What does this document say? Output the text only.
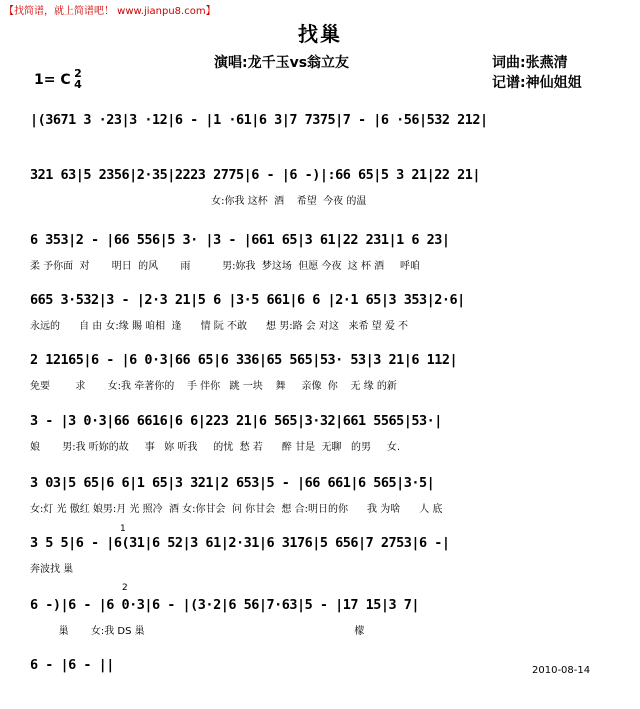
【找简谱，就上简谱吧！ www.jianpu8.com】
找巢
演唱:龙千玉vs翁立友	词曲:张燕清
记谱:神仙姐姐
1= C 2
4
|(3671 3 ·23|3 ·12|6 - |1 ·61|6 3|7 7375|7 - |6 ·56|532 212|
321 63|5 2356|2·35|2223 2775|6 - |6 -)|:66 65|5 3 21|22 21|
女:你我 这杯  酒    希望  今夜 的温
6 353|2 - |66 556|5 3· |3 - |661 65|3 61|22 231|1 6 23|
柔 予你面  对       明日  的风       雨          男:妳我  梦这场  但愿 今夜  这 杯 酒     呼咱
665 3·532|3 - |2·3 21|5 6 |3·5 661|6 6 |2·1 65|3 353|2·6|
永远的      自 由 女:缘 賜 咱相  逢      情 阮 不敢      想 男:路 会 对这   来希 望 爱 不
2 12165|6 - |6 0·3|66 65|6 336|65 565|53· 53|3 21|6 112|
免要        求       女:我 牵著你的    手 伴你   跳 一块    舞     亲像  你    无 缘 的新
3 - |3 0·3|66 6616|6 6|223 21|6 565|3·32|661 5565|53·|
娘       男:我 听妳的故     事   妳 听我     的忧  愁 若      醉 甘是  无聊   的男     女.
3 03|5 65|6 6|1 65|3 321|2 653|5 - |66 661|6 565|3·5|
女:灯 光 傲红 娘男:月 光 照冷  酒 女:你甘会  问 你甘会  想 合:明日的你      我 为啥      人 底
3 5 5|6 - |6(31|6 52|3 61|2·31|6 3176|5 656|7 2753|6 -|
奔波找 巢
6 -)|6 - |6 0·3|6 - |(3·2|6 56|7·63|5 - |17 15|3 7|
巢       女:我 DS 巢                                                                  檬
6 - |6 - ||
1
2
2010-08-14
